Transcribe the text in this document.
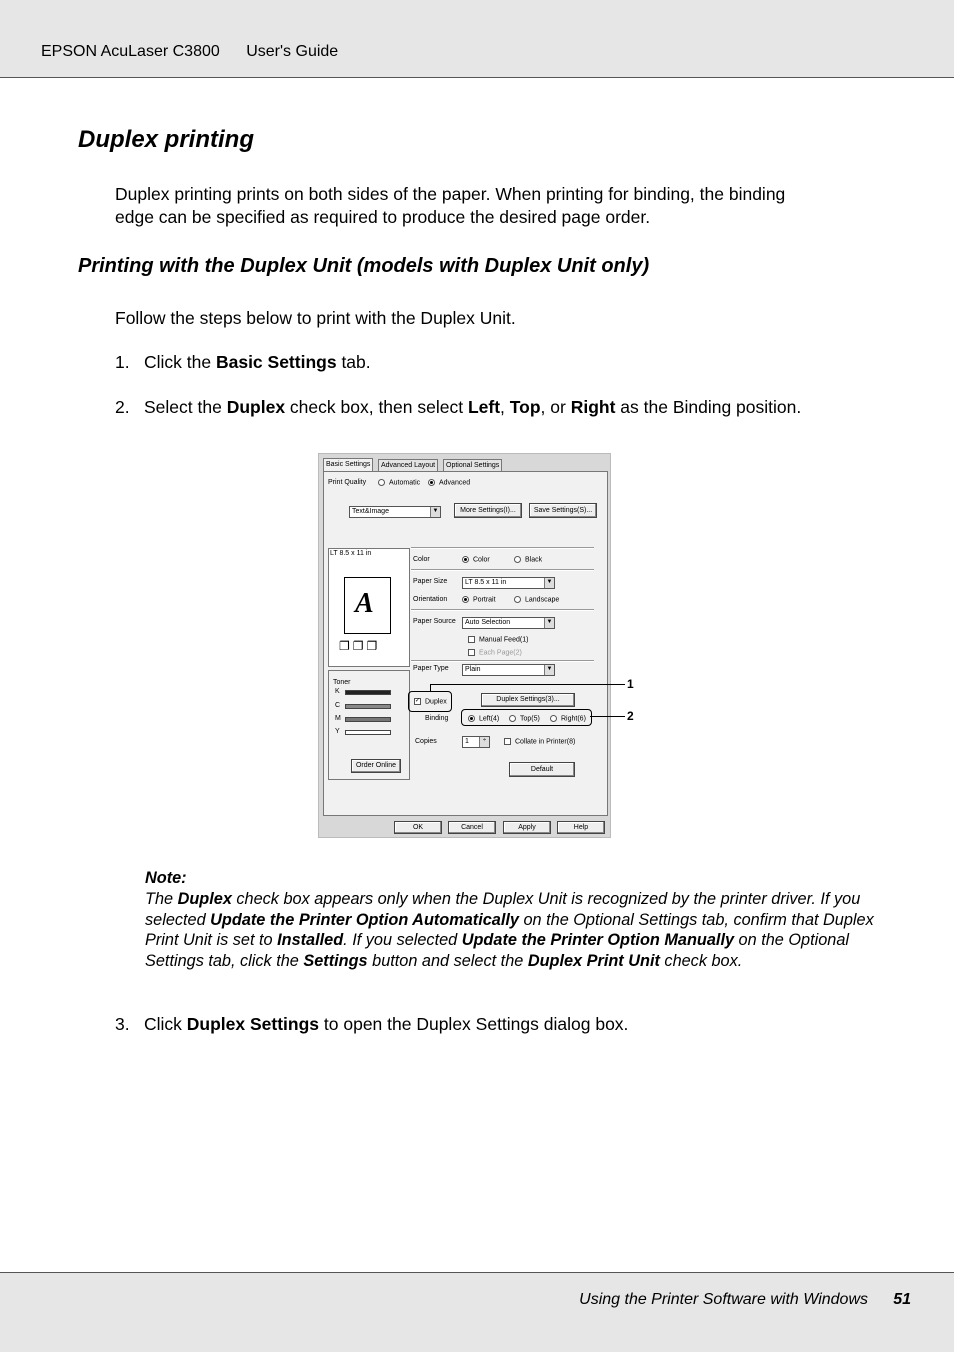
EPSON AcuLaser C3800 User's Guide
Duplex printing
Duplex printing prints on both sides of the paper. When printing for binding, the binding
edge can be specified as required to produce the desired page order.
Printing with the Duplex Unit (models with Duplex Unit only)
Follow the steps below to print with the Duplex Unit.
1. Click the Basic Settings tab.
2. Select the Duplex check box, then select Left, Top, or Right as the Binding position.
Basic Settings	Advanced Layout	Optional Settings
Print Quality	Automatic	Advanced
Text&Image	▼	More Settings(I)...	Save Settings(S)...
LT 8.5 x 11 in
A
❐❐❐
Color	Color	Black
Paper Size	LT 8.5 x 11 in	▼
Orientation	Portrait	Landscape
Paper Source	Auto Selection	▼
Manual Feed(1)
Each Page(2)
Paper Type	Plain	▼
Toner
K
C
M
Y
Order Online
✓ Duplex	Duplex Settings(3)...
Binding	Left(4)	Top(5)	Right(6)
Copies	1	÷	Collate in Printer(8)
Default
OK	Cancel	Apply	Help
1
2
Note:
The Duplex check box appears only when the Duplex Unit is recognized by the printer driver. If you selected Update the Printer Option Automatically on the Optional Settings tab, confirm that Duplex Print Unit is set to Installed. If you selected Update the Printer Option Manually on the Optional Settings tab, click the Settings button and select the Duplex Print Unit check box.
3. Click Duplex Settings to open the Duplex Settings dialog box.
Using the Printer Software with Windows 51
